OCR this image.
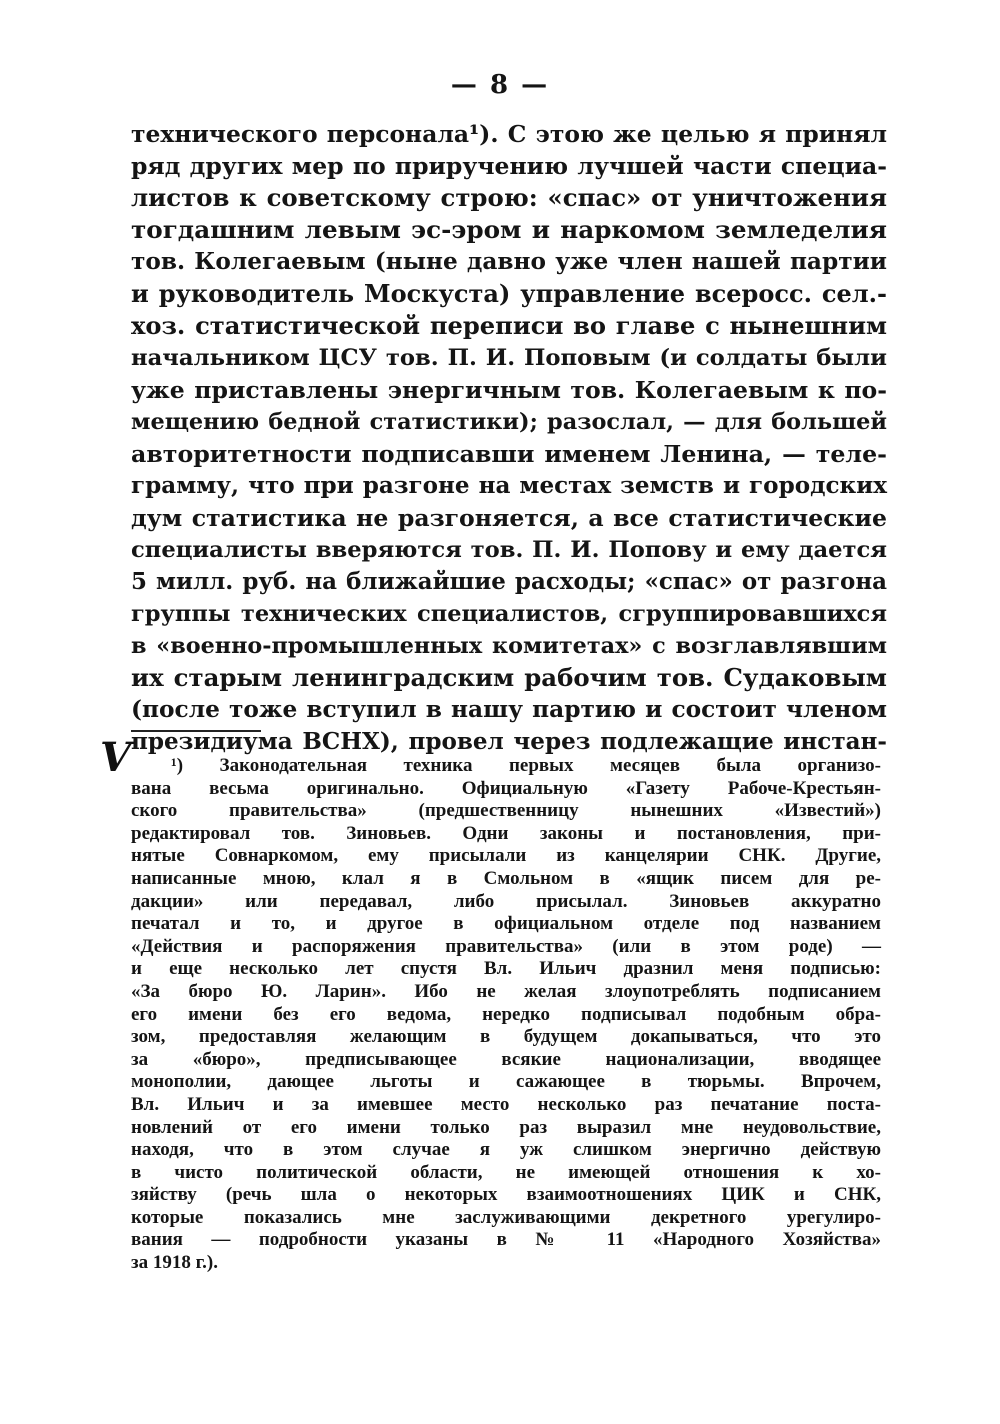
— 8 —
технического персонала¹). С этою же целью я принял
ряд других мер по приручению лучшей части специа-
листов к советскому строю: «спас» от уничтожения
тогдашним левым эс-эром и наркомом земледелия
тов. Колегаевым (ныне давно уже член нашей партии
и руководитель Москуста) управление всеросс. сел.-
хоз. статистической переписи во главе с нынешним
начальником ЦСУ тов. П. И. Поповым (и солдаты были
уже приставлены энергичным тов. Колегаевым к по-
мещению бедной статистики); разослал, — для большей
авторитетности подписавши именем Ленина, — теле-
грамму, что при разгоне на местах земств и городских
дум статистика не разгоняется, а все статистические
специалисты вверяются тов. П. И. Попову и ему дается
5 милл. руб. на ближайшие расходы; «спас» от разгона
группы технических специалистов, сгруппировавшихся
в «военно-промышленных комитетах» с возглавлявшим
их старым ленинградским рабочим тов. Судаковым
(после тоже вступил в нашу партию и состоит членом
президиума ВСНХ), провел через подлежащие инстан-
V	¹) Законодательная техника первых месяцев была организо-
вана весьма оригинально. Официальную «Газету Рабоче-Крестьян-
ского правительства» (предшественницу нынешних «Известий»)
редактировал тов. Зиновьев. Одни законы и постановления, при-
нятые Совнаркомом, ему присылали из канцелярии СНК. Другие,
написанные мною, клал я в Смольном в «ящик писем для ре-
дакции» или передавал, либо присылал. Зиновьев аккуратно
печатал и то, и другое в официальном отделе под названием
«Действия и распоряжения правительства» (или в этом роде) —
и еще несколько лет спустя Вл. Ильич дразнил меня подписью:
«За бюро Ю. Ларин». Ибо не желая злоупотреблять подписанием
его имени без его ведома, нередко подписывал подобным обра-
зом, предоставляя желающим в будущем докапываться, что это
за «бюро», предписывающее всякие национализации, вводящее
монополии, дающее льготы и сажающее в тюрьмы. Впрочем,
Вл. Ильич и за имевшее место несколько раз печатание поста-
новлений от его имени только раз выразил мне неудовольствие,
находя, что в этом случае я уж слишком энергично действую
в чисто политической области, не имеющей отношения к хо-
зяйству (речь шла о некоторых взаимоотношениях ЦИК и СНК,
которые показались мне заслуживающими декретного урегулиро-
вания — подробности указаны в № 11 «Народного Хозяйства»
за 1918 г.).
